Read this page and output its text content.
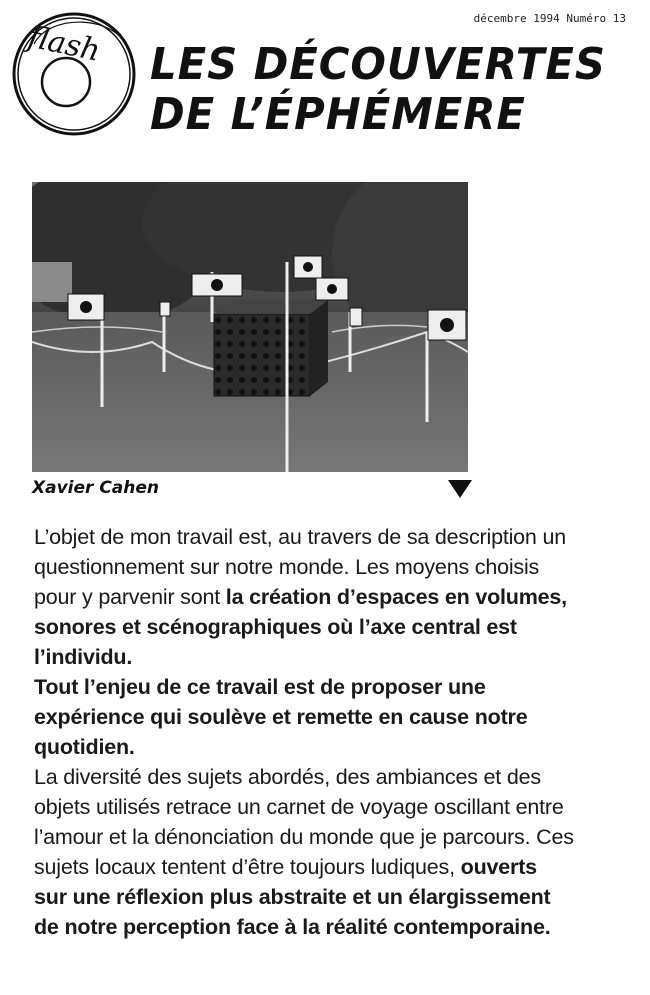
décembre 1994 Numéro 13
flash LES DÉCOUVERTES
DE L’ÉPHÉMERE
Xavier Cahen

L’objet de mon travail est, au travers de sa description un questionnement sur notre monde. Les moyens choisis pour y parvenir sont la création d’espaces en volumes, sonores et scénographiques où l’axe central est l’individu.

Tout l’enjeu de ce travail est de proposer une expérience qui soulève et remette en cause notre quotidien.

La diversité des sujets abordés, des ambiances et des objets utilisés retrace un carnet de voyage oscillant entre l’amour et la dénonciation du monde que je parcours. Ces sujets locaux tentent d’être toujours ludiques, ouverts sur une réflexion plus abstraite et un élargissement de notre perception face à la réalité contemporaine.
